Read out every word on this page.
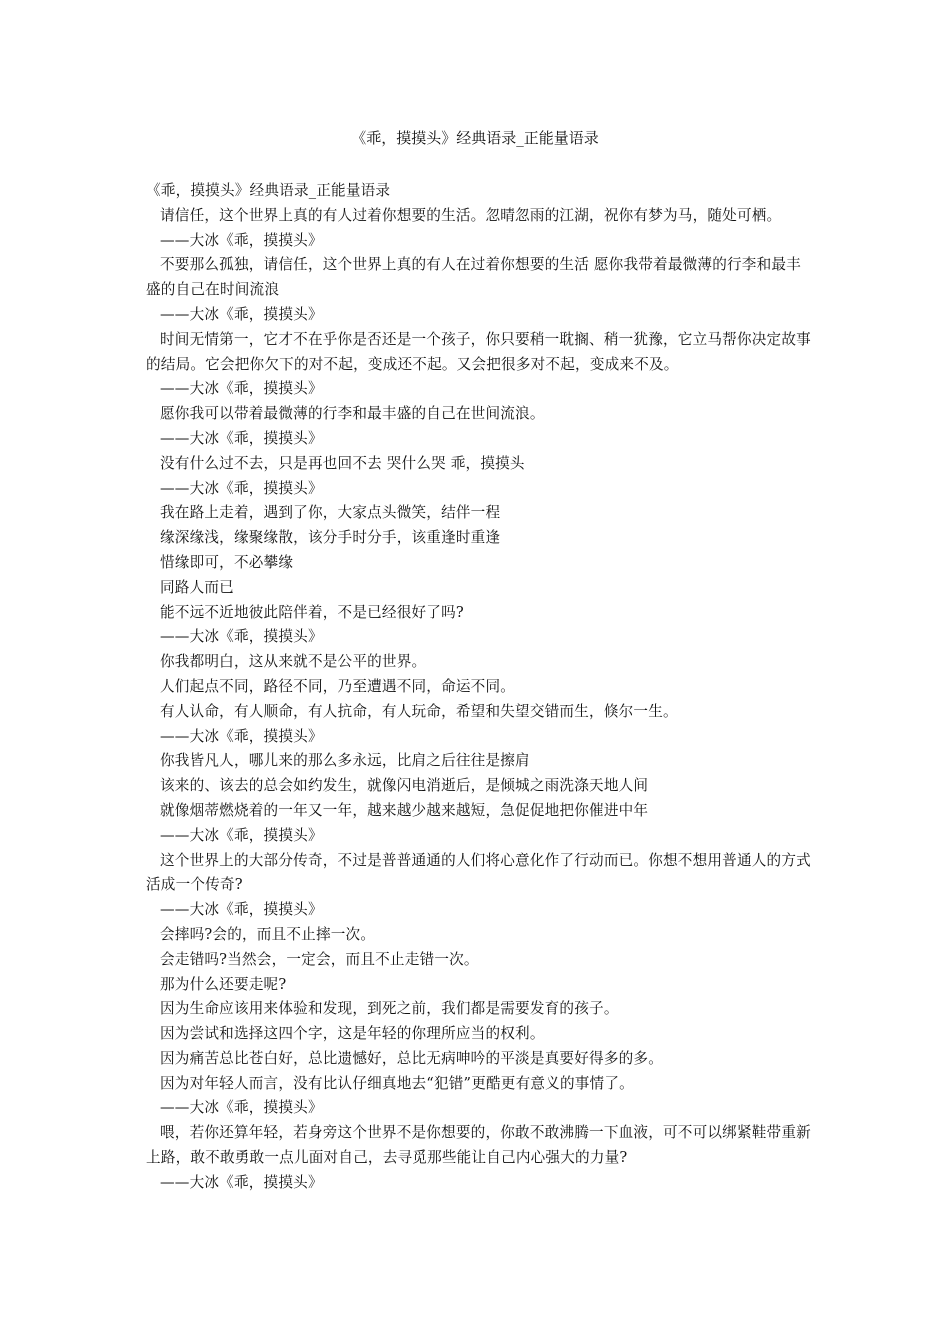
《乖，摸摸头》经典语录_正能量语录

《乖，摸摸头》经典语录_正能量语录

请信任，这个世界上真的有人过着你想要的生活。忽晴忽雨的江湖，祝你有梦为马，随处可栖。

——大冰《乖，摸摸头》

不要那么孤独，请信任，这个世界上真的有人在过着你想要的生活 愿你我带着最微薄的行李和最丰盛的自己在时间流浪

——大冰《乖，摸摸头》

时间无情第一，它才不在乎你是否还是一个孩子，你只要稍一耽搁、稍一犹豫，它立马帮你决定故事的结局。它会把你欠下的对不起，变成还不起。又会把很多对不起，变成来不及。

——大冰《乖，摸摸头》

愿你我可以带着最微薄的行李和最丰盛的自己在世间流浪。

——大冰《乖，摸摸头》

没有什么过不去，只是再也回不去 哭什么哭 乖，摸摸头

——大冰《乖，摸摸头》

我在路上走着，遇到了你，大家点头微笑，结伴一程

缘深缘浅，缘聚缘散，该分手时分手，该重逢时重逢

惜缘即可，不必攀缘

同路人而已

能不远不近地彼此陪伴着，不是已经很好了吗?

——大冰《乖，摸摸头》

你我都明白，这从来就不是公平的世界。

人们起点不同，路径不同，乃至遭遇不同，命运不同。

有人认命，有人顺命，有人抗命，有人玩命，希望和失望交错而生，倏尔一生。

——大冰《乖，摸摸头》

你我皆凡人，哪儿来的那么多永远，比肩之后往往是擦肩

该来的、该去的总会如约发生，就像闪电消逝后，是倾城之雨洗涤天地人间

就像烟蒂燃烧着的一年又一年，越来越少越来越短，急促促地把你催进中年

——大冰《乖，摸摸头》

这个世界上的大部分传奇，不过是普普通通的人们将心意化作了行动而已。你想不想用普通人的方式活成一个传奇?

——大冰《乖，摸摸头》

会摔吗?会的，而且不止摔一次。

会走错吗?当然会，一定会，而且不止走错一次。

那为什么还要走呢?

因为生命应该用来体验和发现，到死之前，我们都是需要发育的孩子。

因为尝试和选择这四个字，这是年轻的你理所应当的权利。

因为痛苦总比苍白好，总比遗憾好，总比无病呻吟的平淡是真要好得多的多。

因为对年轻人而言，没有比认仔细真地去“犯错”更酷更有意义的事情了。

——大冰《乖，摸摸头》

喂，若你还算年轻，若身旁这个世界不是你想要的，你敢不敢沸腾一下血液，可不可以绑紧鞋带重新上路，敢不敢勇敢一点儿面对自己，去寻觅那些能让自己内心强大的力量?

——大冰《乖，摸摸头》
